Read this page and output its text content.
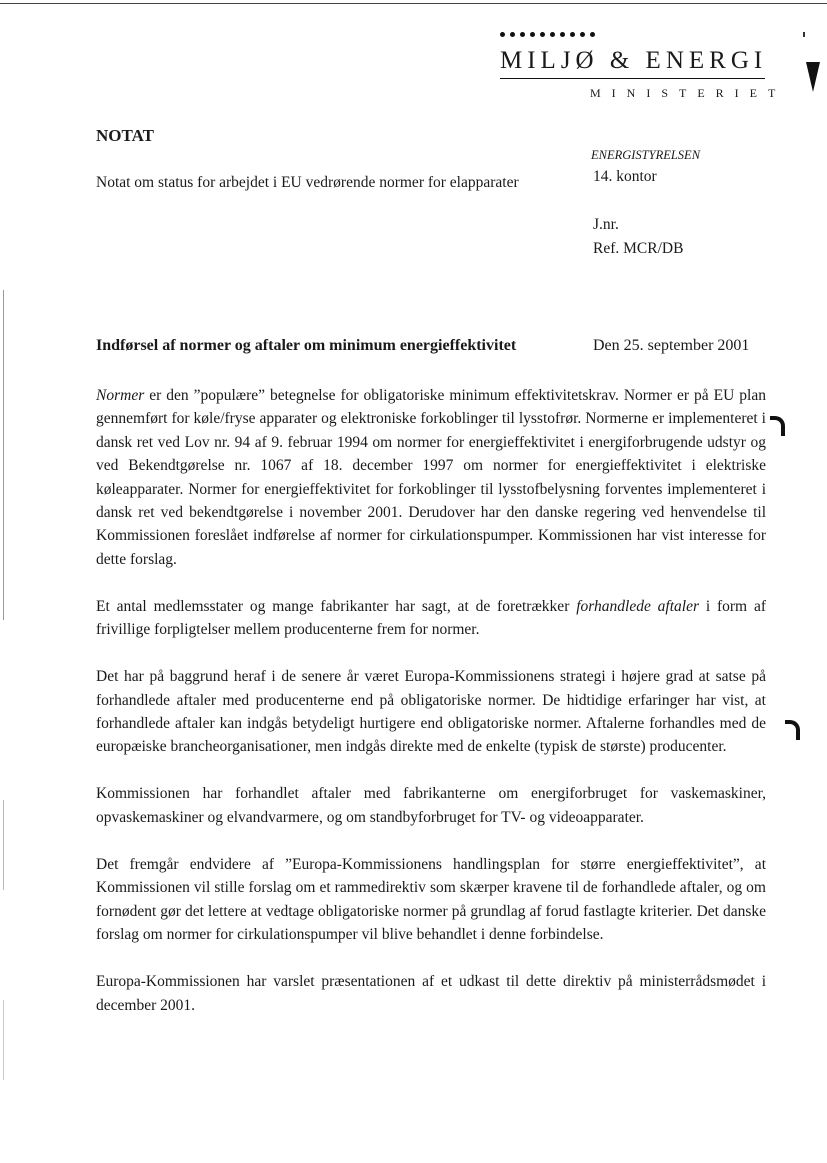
MILJØ & ENERGI
MINISTERIET
NOTAT
Notat om status for arbejdet i EU vedrørende normer for elapparater
ENERGISTYRELSEN
14. kontor
J.nr.
Ref. MCR/DB
Indførsel af normer og aftaler om minimum energieffektivitet	Den 25. september 2001

Normer er den ”populære” betegnelse for obligatoriske minimum effektivitetskrav. Normer er på EU plan gennemført for køle/fryse apparater og elektroniske forkoblinger til lysstofrør. Normerne er implementeret i dansk ret ved Lov nr. 94 af 9. februar 1994 om normer for energieffektivitet i energiforbrugende udstyr og ved Bekendtgørelse nr. 1067 af 18. december 1997 om normer for energieffektivitet i elektriske køleapparater. Normer for energieffektivitet for forkoblinger til lysstofbelysning forventes implementeret i dansk ret ved bekendtgørelse i november 2001. Derudover har den danske regering ved henvendelse til Kommissionen foreslået indførelse af normer for cirkulationspumper. Kommissionen har vist interesse for dette forslag.

Et antal medlemsstater og mange fabrikanter har sagt, at de foretrækker forhandlede aftaler i form af frivillige forpligtelser mellem producenterne frem for normer.

Det har på baggrund heraf i de senere år været Europa-Kommissionens strategi i højere grad at satse på forhandlede aftaler med producenterne end på obligatoriske normer. De hidtidige erfaringer har vist, at forhandlede aftaler kan indgås betydeligt hurtigere end obligatoriske normer. Aftalerne forhandles med de europæiske brancheorganisationer, men indgås direkte med de enkelte (typisk de største) producenter.

Kommissionen har forhandlet aftaler med fabrikanterne om energiforbruget for vaskemaskiner, opvaskemaskiner og elvandvarmere, og om standbyforbruget for TV- og videoapparater.

Det fremgår endvidere af ”Europa-Kommissionens handlingsplan for større energieffektivitet”, at Kommissionen vil stille forslag om et rammedirektiv som skærper kravene til de forhandlede aftaler, og om fornødent gør det lettere at vedtage obligatoriske normer på grundlag af forud fastlagte kriterier. Det danske forslag om normer for cirkulationspumper vil blive behandlet i denne forbindelse.

Europa-Kommissionen har varslet præsentationen af et udkast til dette direktiv på ministerrådsmødet i december 2001.
